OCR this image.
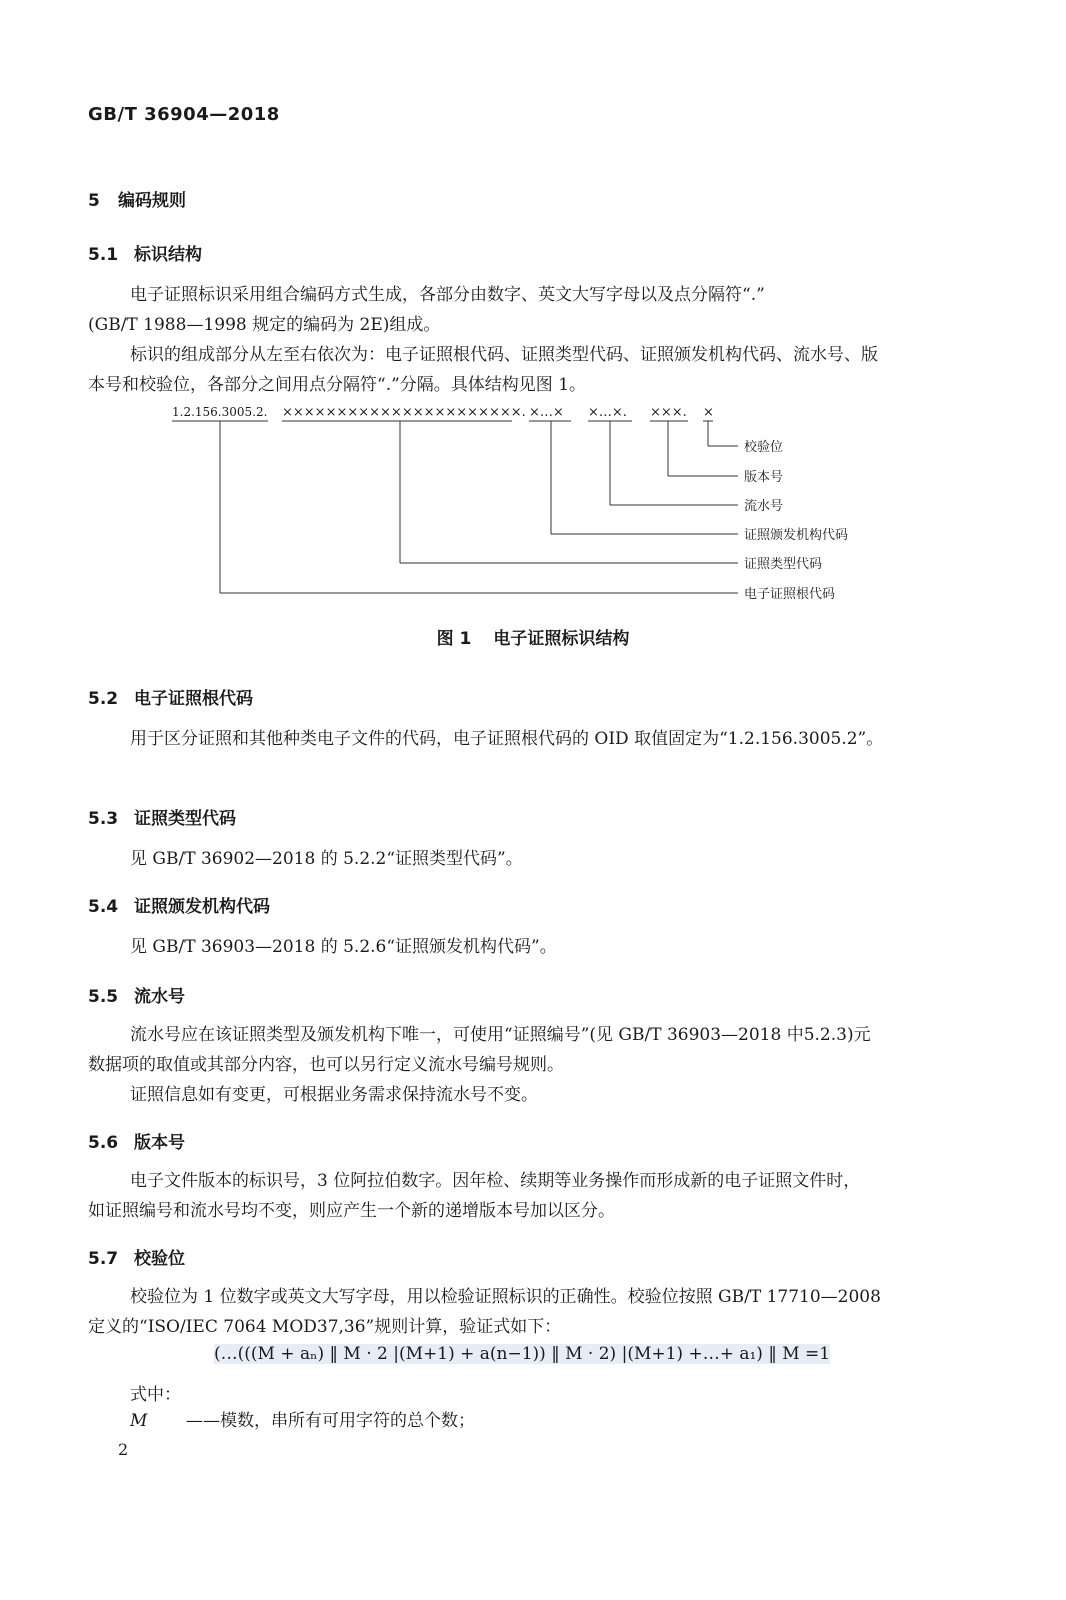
GB/T 36904—2018
5 编码规则
5.1 标识结构
电子证照标识采用组合编码方式生成，各部分由数字、英文大写字母以及点分隔符“.”
(GB/T 1988—1998 规定的编码为 2E)组成。
标识的组成部分从左至右依次为：电子证照根代码、证照类型代码、证照颁发机构代码、流水号、版
本号和校验位，各部分之间用点分隔符“.”分隔。具体结构见图 1。
1.2.156.3005.2. ××××××××××××××××××××××. ×…× ×…×. ×××. ×
校验位
版本号
流水号
证照颁发机构代码
证照类型代码
电子证照根代码
图 1 电子证照标识结构
5.2 电子证照根代码
用于区分证照和其他种类电子文件的代码，电子证照根代码的 OID 取值固定为“1.2.156.3005.2”。
5.3 证照类型代码
见 GB/T 36902—2018 的 5.2.2“证照类型代码”。
5.4 证照颁发机构代码
见 GB/T 36903—2018 的 5.2.6“证照颁发机构代码”。
5.5 流水号
流水号应在该证照类型及颁发机构下唯一，可使用“证照编号”(见 GB/T 36903—2018 中5.2.3)元
数据项的取值或其部分内容，也可以另行定义流水号编号规则。
证照信息如有变更，可根据业务需求保持流水号不变。
5.6 版本号
电子文件版本的标识号，3 位阿拉伯数字。因年检、续期等业务操作而形成新的电子证照文件时，
如证照编号和流水号均不变，则应产生一个新的递增版本号加以区分。
5.7 校验位
校验位为 1 位数字或英文大写字母，用以检验证照标识的正确性。校验位按照 GB/T 17710—2008
定义的“ISO/IEC 7064 MOD37,36”规则计算，验证式如下：
(…(((M + aₙ) ‖ M · 2 |(M+1) + a(n−1)) ‖ M · 2) |(M+1) +…+ a₁) ‖ M =1
式中：
M ——模数，串所有可用字符的总个数；
2
